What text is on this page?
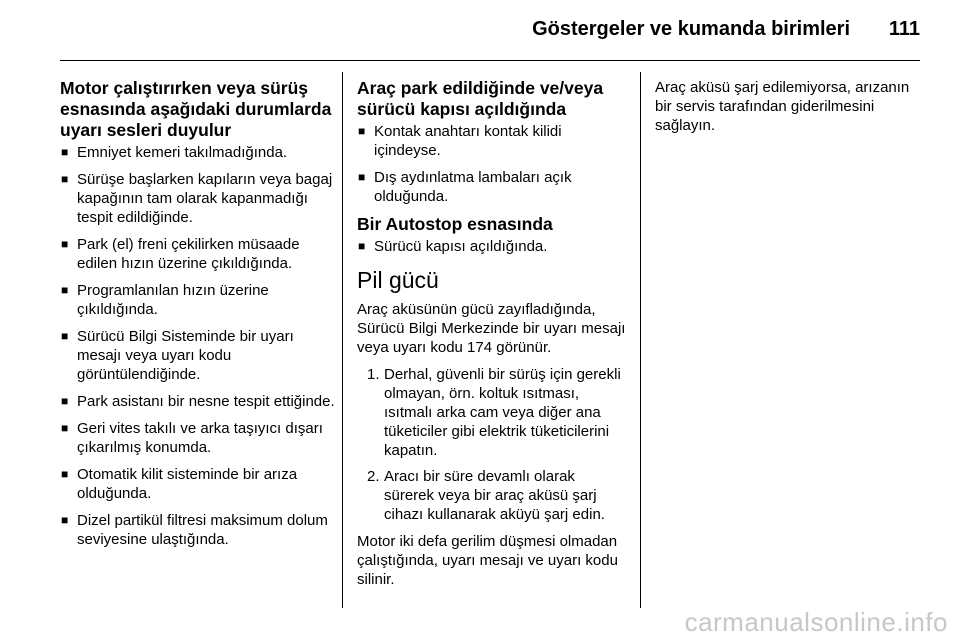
Göstergeler ve kumanda birimleri 111
Motor çalıştırırken veya sürüş esnasında aşağıdaki durumlarda uyarı sesleri duyulur
■ Emniyet kemeri takılmadığında.
■ Sürüşe başlarken kapıların veya bagaj kapağının tam olarak kapanmadığı tespit edildiğinde.
■ Park (el) freni çekilirken müsaade edilen hızın üzerine çıkıldığında.
■ Programlanılan hızın üzerine çıkıldığında.
■ Sürücü Bilgi Sisteminde bir uyarı mesajı veya uyarı kodu görüntülendiğinde.
■ Park asistanı bir nesne tespit ettiğinde.
■ Geri vites takılı ve arka taşıyıcı dışarı çıkarılmış konumda.
■ Otomatik kilit sisteminde bir arıza olduğunda.
■ Dizel partikül filtresi maksimum dolum seviyesine ulaştığında.
Araç park edildiğinde ve/veya sürücü kapısı açıldığında
■ Kontak anahtarı kontak kilidi içindeyse.
■ Dış aydınlatma lambaları açık olduğunda.
Bir Autostop esnasında
■ Sürücü kapısı açıldığında.
Pil gücü

Araç aküsünün gücü zayıfladığında, Sürücü Bilgi Merkezinde bir uyarı mesajı veya uyarı kodu 174 görünür.

1. Derhal, güvenli bir sürüş için gerekli olmayan, örn. koltuk ısıtması, ısıtmalı arka cam veya diğer ana tüketiciler gibi elektrik tüketicilerini kapatın.
2. Aracı bir süre devamlı olarak sürerek veya bir araç aküsü şarj cihazı kullanarak aküyü şarj edin.

Motor iki defa gerilim düşmesi olmadan çalıştığında, uyarı mesajı ve uyarı kodu silinir.

Araç aküsü şarj edilemiyorsa, arızanın bir servis tarafından giderilmesini sağlayın.

carmanualsonline.info
